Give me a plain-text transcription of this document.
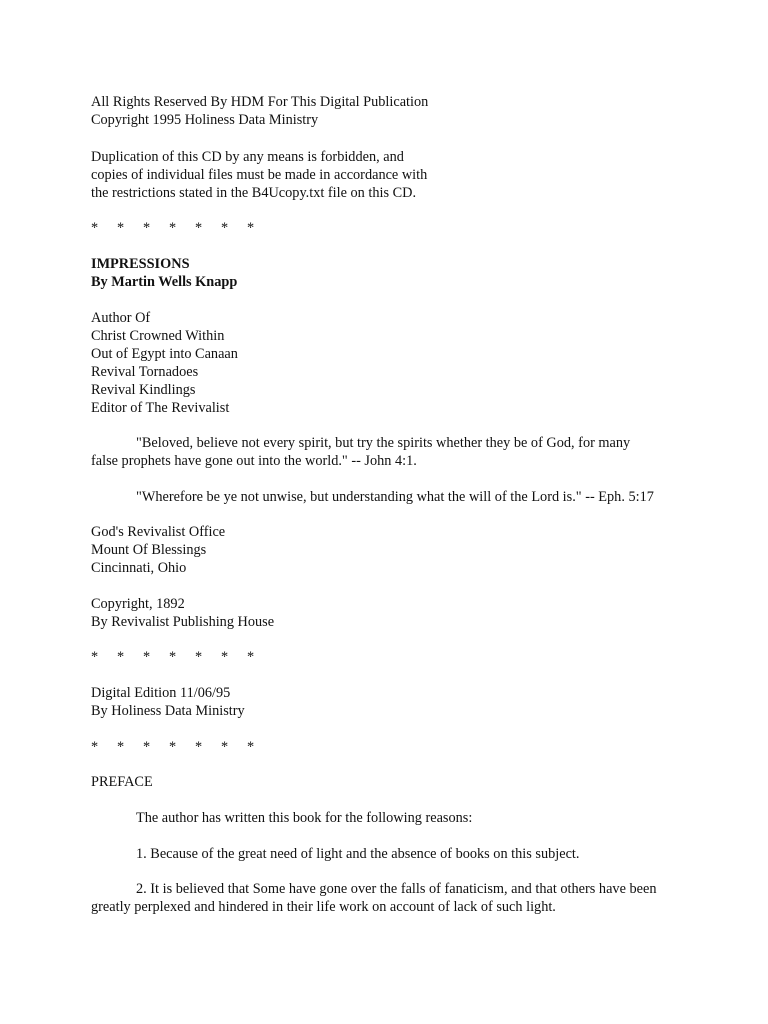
All Rights Reserved By HDM For This Digital Publication
Copyright 1995 Holiness Data Ministry
Duplication of this CD by any means is forbidden, and
copies of individual files must be made in accordance with
the restrictions stated in the B4Ucopy.txt file on this CD.
*	*	*	*	*	*	*
IMPRESSIONS
By Martin Wells Knapp
Author Of
Christ Crowned Within
Out of Egypt into Canaan
Revival Tornadoes
Revival Kindlings
Editor of The Revivalist
"Beloved, believe not every spirit, but try the spirits whether they be of God, for many
false prophets have gone out into the world." -- John 4:1.
"Wherefore be ye not unwise, but understanding what the will of the Lord is." -- Eph. 5:17
God's Revivalist Office
Mount Of Blessings
Cincinnati, Ohio
Copyright, 1892
By Revivalist Publishing House
*	*	*	*	*	*	*
Digital Edition 11/06/95
By Holiness Data Ministry
*	*	*	*	*	*	*
PREFACE
The author has written this book for the following reasons:
1. Because of the great need of light and the absence of books on this subject.
2. It is believed that Some have gone over the falls of fanaticism, and that others have been
greatly perplexed and hindered in their life work on account of lack of such light.
